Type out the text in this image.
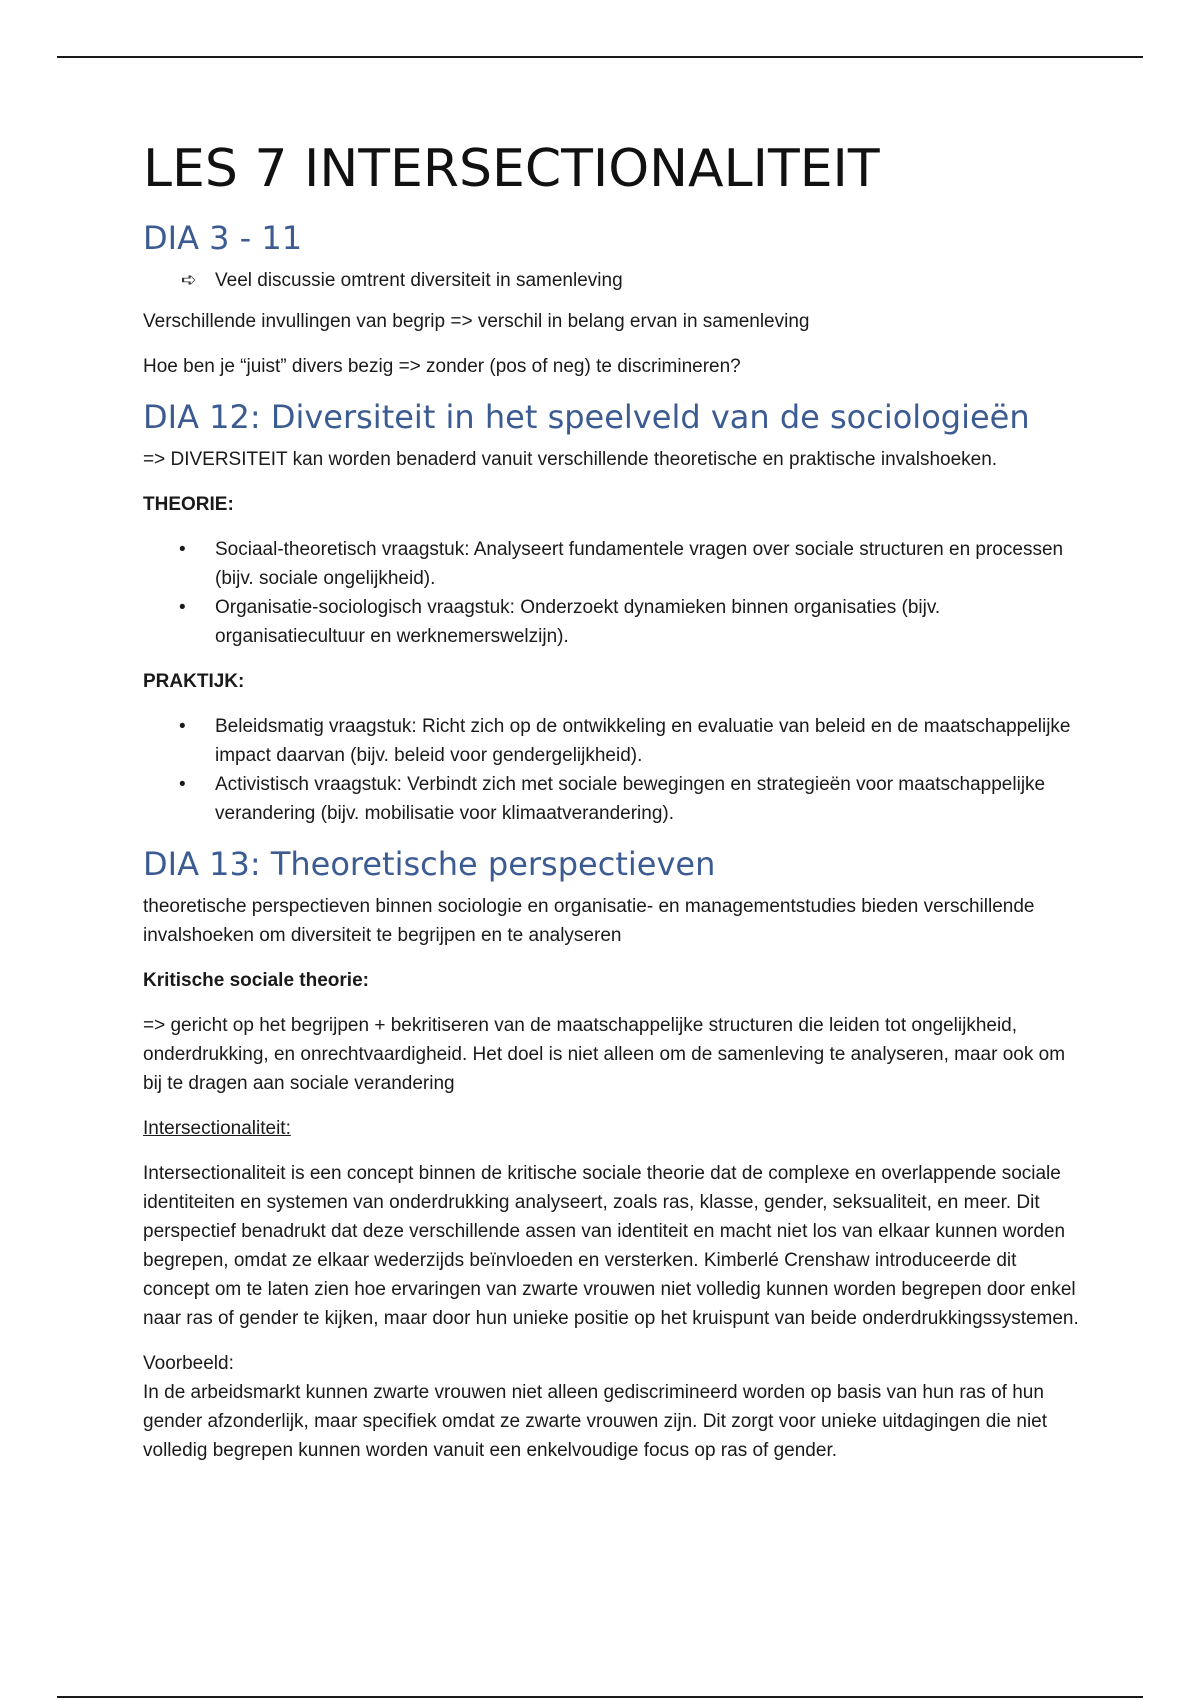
LES 7 INTERSECTIONALITEIT
DIA 3 - 11

➪ Veel discussie omtrent diversiteit in samenleving

Verschillende invullingen van begrip => verschil in belang ervan in samenleving

Hoe ben je “juist” divers bezig => zonder (pos of neg) te discrimineren?

DIA 12: Diversiteit in het speelveld van de sociologieën

=> DIVERSITEIT kan worden benaderd vanuit verschillende theoretische en praktische invalshoeken.

THEORIE:

• Sociaal-theoretisch vraagstuk: Analyseert fundamentele vragen over sociale structuren en processen (bijv. sociale ongelijkheid).
• Organisatie-sociologisch vraagstuk: Onderzoekt dynamieken binnen organisaties (bijv. organisatiecultuur en werknemerswelzijn).

PRAKTIJK:

• Beleidsmatig vraagstuk: Richt zich op de ontwikkeling en evaluatie van beleid en de maatschappelijke impact daarvan (bijv. beleid voor gendergelijkheid).
• Activistisch vraagstuk: Verbindt zich met sociale bewegingen en strategieën voor maatschappelijke verandering (bijv. mobilisatie voor klimaatverandering).
DIA 13: Theoretische perspectieven

theoretische perspectieven binnen sociologie en organisatie- en managementstudies bieden verschillende invalshoeken om diversiteit te begrijpen en te analyseren

Kritische sociale theorie:

=> gericht op het begrijpen + bekritiseren van de maatschappelijke structuren die leiden tot ongelijkheid, onderdrukking, en onrechtvaardigheid. Het doel is niet alleen om de samenleving te analyseren, maar ook om bij te dragen aan sociale verandering

Intersectionaliteit:

Intersectionaliteit is een concept binnen de kritische sociale theorie dat de complexe en overlappende sociale identiteiten en systemen van onderdrukking analyseert, zoals ras, klasse, gender, seksualiteit, en meer. Dit perspectief benadrukt dat deze verschillende assen van identiteit en macht niet los van elkaar kunnen worden begrepen, omdat ze elkaar wederzijds beïnvloeden en versterken. Kimberlé Crenshaw introduceerde dit concept om te laten zien hoe ervaringen van zwarte vrouwen niet volledig kunnen worden begrepen door enkel naar ras of gender te kijken, maar door hun unieke positie op het kruispunt van beide onderdrukkingssystemen.

Voorbeeld:

In de arbeidsmarkt kunnen zwarte vrouwen niet alleen gediscrimineerd worden op basis van hun ras of hun gender afzonderlijk, maar specifiek omdat ze zwarte vrouwen zijn. Dit zorgt voor unieke uitdagingen die niet volledig begrepen kunnen worden vanuit een enkelvoudige focus op ras of gender.
